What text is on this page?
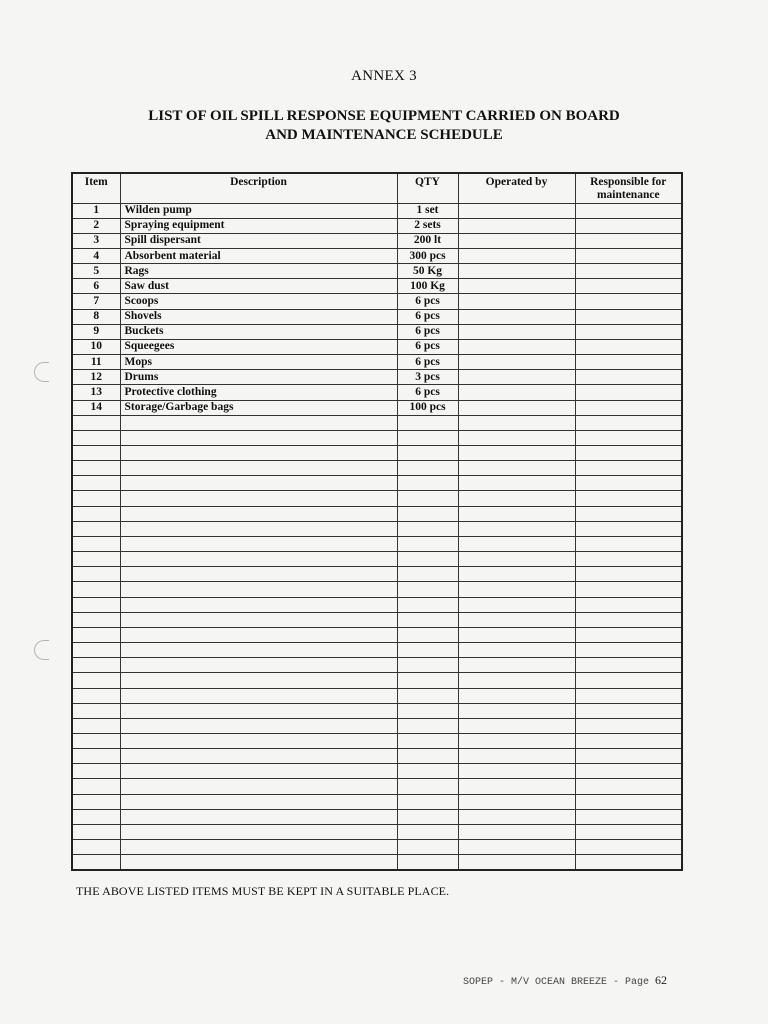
ANNEX 3
LIST OF OIL SPILL RESPONSE EQUIPMENT CARRIED ON BOARD
AND MAINTENANCE SCHEDULE
Item	Description	QTY	Operated by	Responsible for maintenance
1	Wilden pump	1 set		
2	Spraying equipment	2 sets		
3	Spill dispersant	200 lt		
4	Absorbent material	300 pcs		
5	Rags	50 Kg		
6	Saw dust	100 Kg		
7	Scoops	6 pcs		
8	Shovels	6 pcs		
9	Buckets	6 pcs		
10	Squeegees	6 pcs		
11	Mops	6 pcs		
12	Drums	3 pcs		
13	Protective clothing	6 pcs		
14	Storage/Garbage bags	100 pcs		

THE ABOVE LISTED ITEMS MUST BE KEPT IN A SUITABLE PLACE.
SOPEP - M/V OCEAN BREEZE - Page 62
